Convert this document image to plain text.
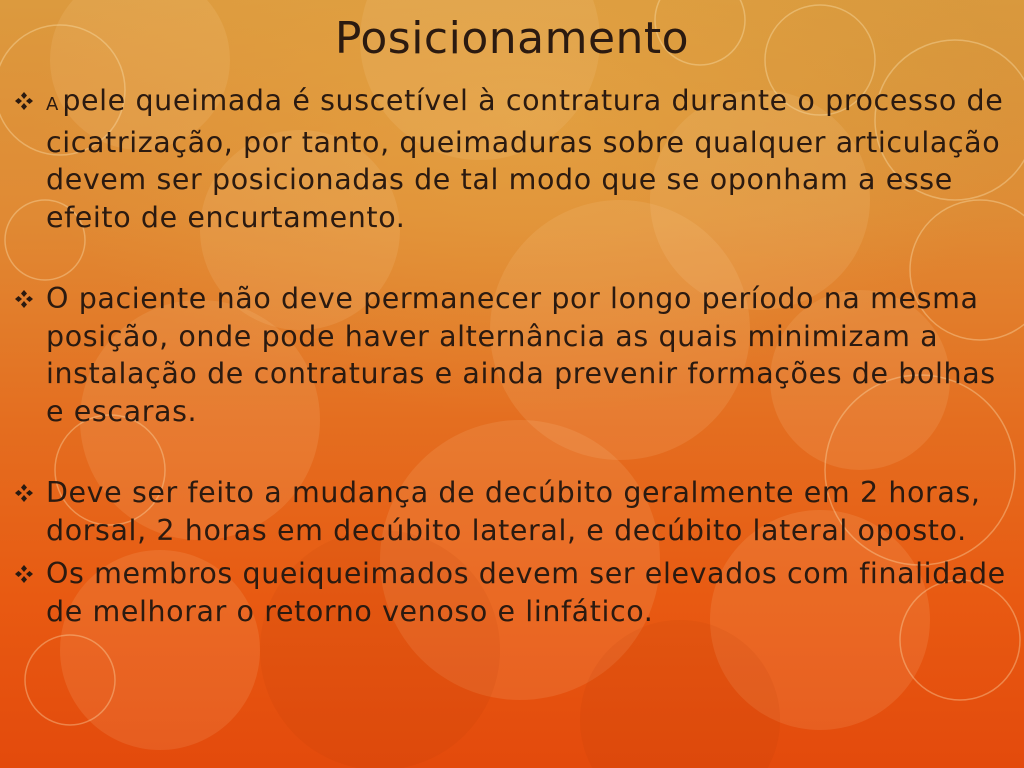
Posicionamento
A pele queimada é suscetível à contratura durante o processo de cicatrização, por tanto, queimaduras sobre qualquer articulação devem ser posicionadas de tal modo que se oponham a esse efeito de encurtamento.
O paciente não deve permanecer por longo período na mesma posição, onde pode haver alternância as quais minimizam a instalação de contraturas e ainda prevenir formações de bolhas e escaras.
Deve ser feito a mudança de decúbito geralmente em 2 horas, dorsal, 2 horas em decúbito lateral, e decúbito lateral oposto.
Os membros queiqueimados devem ser elevados com finalidade de melhorar o retorno venoso e linfático.
